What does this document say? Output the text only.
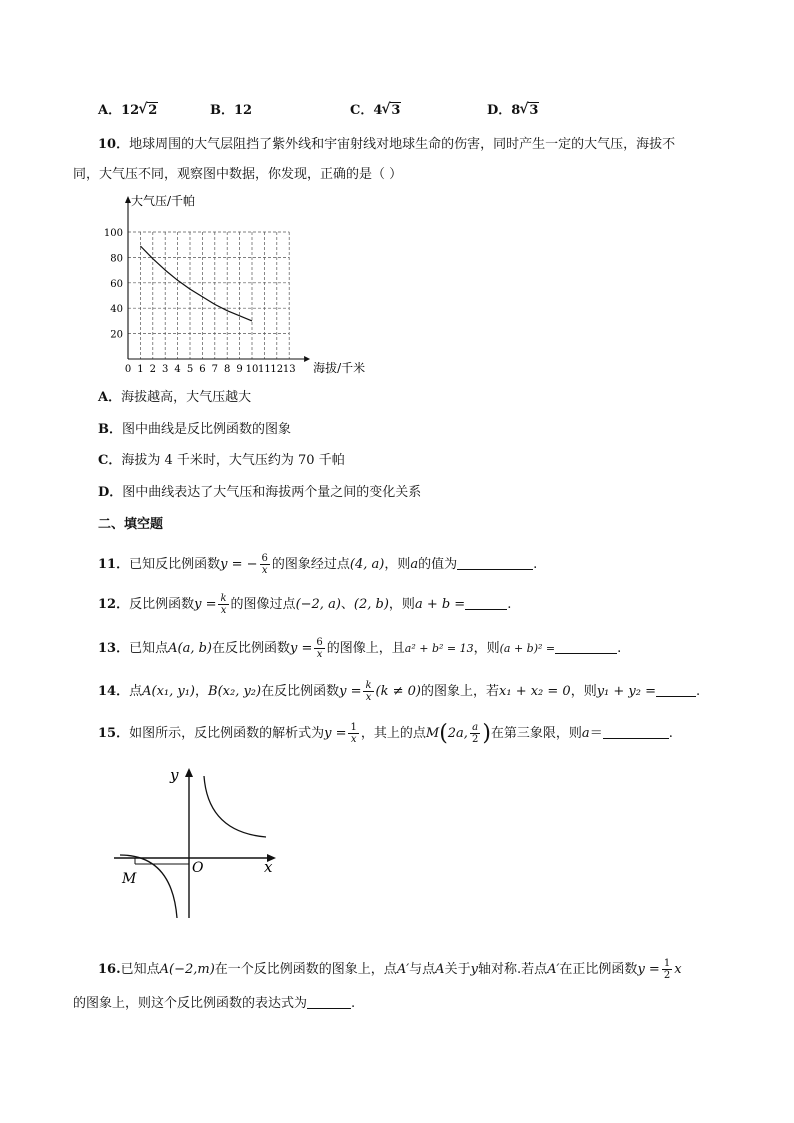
A．12 √ 2	B．12	C．4 √ 3	D．8 √ 3
10．地球周围的大气层阻挡了紫外线和宇宙射线对地球生命的伤害，同时产生一定的大气压，海拔不
同，大气压不同，观察图中数据，你发现，正确的是（ ）
0 1 2 3 4 5 6 7 8 9 10 11 12 13
20
40
60
80
100
大气压/千帕
海拔/千米
A．海拔越高，大气压越大
B．图中曲线是反比例函数的图象
C．海拔为 4 千米时，大气压约为 70 千帕
D．图中曲线表达了大气压和海拔两个量之间的变化关系
二、填空题
11．已知反比例函数y = − $\frac{6}{x}$ 的图象经过点(4, a)，则a的值为	.
12．反比例函数$y = \frac{k}{x}$ 的图像过点(−2, a)、(2, b)，则a + b =	.
13．已知点A(a, b)在反比例函数$y = \frac{6}{x}$ 的图像上，且a² + b² = 13，则(a + b)² =	.
14．点A(x₁, y₁)，B(x₂, y₂)在反比例函数$y = \frac{k}{x} (k \ne 0)$的图象上，若x₁ + x₂ = 0，则y₁ + y₂ =	.
15．如图所示，反比例函数的解析式为$y = \frac{1}{x}$ ，其上的点M(2a, $\frac{a}{2}$ )在第三象限，则a＝	.
y
x
O
M
16.已知点A(−2,m)在一个反比例函数的图象上，点A′与点A关于y轴对称.若点A′在正比例函数$y = \frac{1}{2}$ x
的图象上，则这个反比例函数的表达式为	.
